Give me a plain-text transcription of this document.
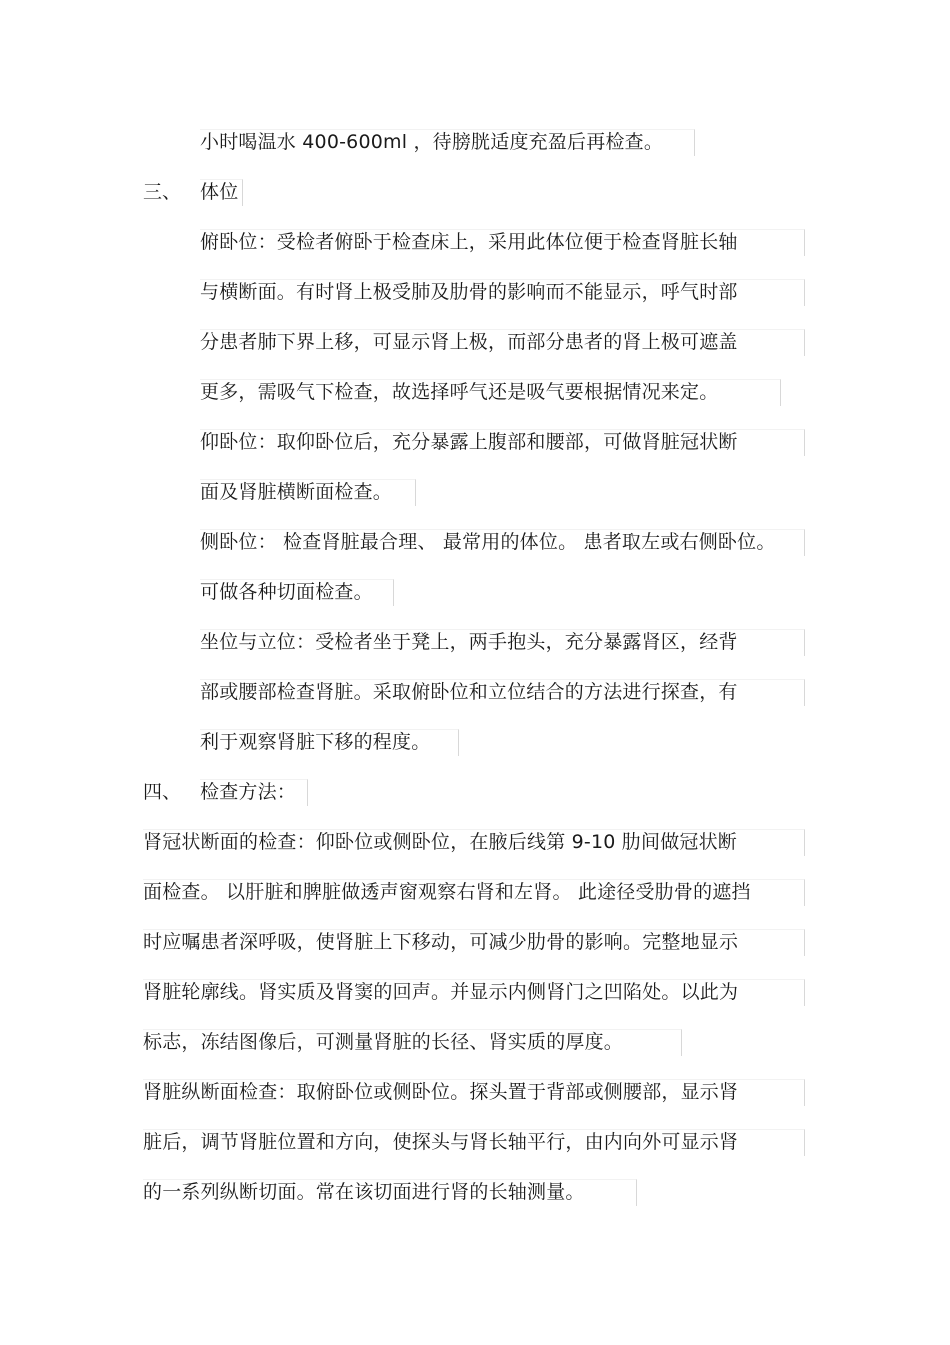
小时喝温水 400-600ml ，待膀胱适度充盈后再检查。
三、 体位
俯卧位：受检者俯卧于检查床上，采用此体位便于检查肾脏长轴
与横断面。有时肾上极受肺及肋骨的影响而不能显示，呼气时部
分患者肺下界上移，可显示肾上极，而部分患者的肾上极可遮盖
更多，需吸气下检查，故选择呼气还是吸气要根据情况来定。
仰卧位：取仰卧位后，充分暴露上腹部和腰部，可做肾脏冠状断
面及肾脏横断面检查。
侧卧位： 检查肾脏最合理、 最常用的体位。 患者取左或右侧卧位。
可做各种切面检查。
坐位与立位：受检者坐于凳上，两手抱头，充分暴露肾区，经背
部或腰部检查肾脏。采取俯卧位和立位结合的方法进行探查，有
利于观察肾脏下移的程度。
四、 检查方法：
肾冠状断面的检查：仰卧位或侧卧位，在腋后线第 9-10 肋间做冠状断
面检查。 以肝脏和脾脏做透声窗观察右肾和左肾。 此途径受肋骨的遮挡
时应嘱患者深呼吸，使肾脏上下移动，可减少肋骨的影响。完整地显示
肾脏轮廓线。肾实质及肾窦的回声。并显示内侧肾门之凹陷处。以此为
标志，冻结图像后，可测量肾脏的长径、肾实质的厚度。
肾脏纵断面检查：取俯卧位或侧卧位。探头置于背部或侧腰部，显示肾
脏后，调节肾脏位置和方向，使探头与肾长轴平行，由内向外可显示肾
的一系列纵断切面。常在该切面进行肾的长轴测量。
